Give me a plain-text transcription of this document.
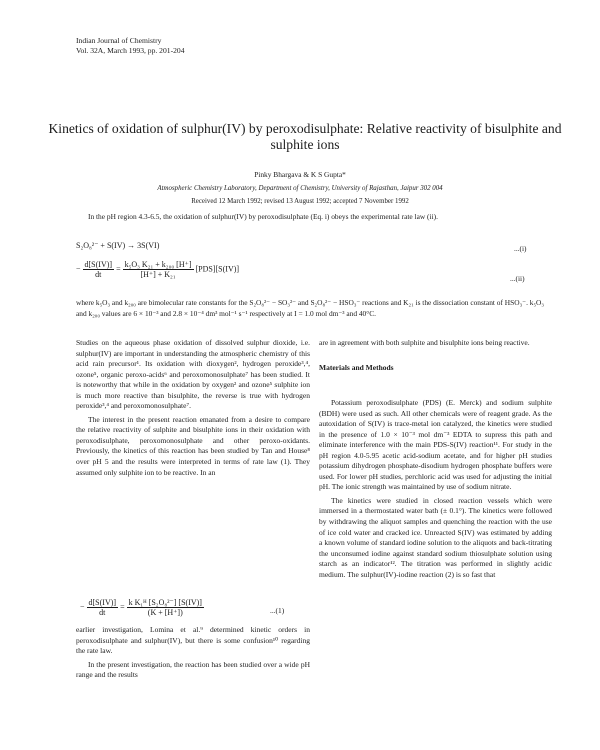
Indian Journal of Chemistry
Vol. 32A, March 1993, pp. 201-204
Kinetics of oxidation of sulphur(IV) by peroxodisulphate: Relative reactivity of bisulphite and sulphite ions
Pinky Bhargava & K S Gupta*
Atmospheric Chemistry Laboratory, Department of Chemistry, University of Rajasthan, Jaipur 302 004
Received 12 March 1992; revised 13 August 1992; accepted 7 November 1992

In the pH region 4.3-6.5, the oxidation of sulphur(IV) by peroxodisulphate (Eq. i) obeys the experimental rate law (ii).

S₂O₈²⁻ + S(IV) → 3S(VI)	...(i)
− $\frac{d[S(IV)]}{dt} = \frac{\text{k₅O₃ K₂₁ + k₂₀₀ [H⁺]}}{\text{[H⁺] + K₂₁}} [PDS][S(IV)]$
...(ii)

where k₅O₃ and k₂₀₀ are bimolecular rate constants for the S₂O₈²⁻ − SO₃²⁻ and S₂O₈²⁻ − HSO₃⁻ reactions and K₂₁ is the dissociation constant of HSO₃⁻. k₅O₃ and k₂₀₀ values are 6 × 10⁻³ and 2.8 × 10⁻⁴ dm³ mol⁻¹ s⁻¹ respectively at I = 1.0 mol dm⁻³ and 40°C.

Studies on the aqueous phase oxidation of dissolved sulphur dioxide, i.e. sulphur(IV) are important in understanding the atmospheric chemistry of this acid rain precursor¹. Its oxidation with dioxygen², hydrogen peroxide³,⁴, ozone⁵, organic peroxo-acids⁶ and peroxomonosulphate⁷ has been studied. It is noteworthy that while in the oxidation by oxygen² and ozone⁵ sulphite ion is much more reactive than bisulphite, the reverse is true with hydrogen peroxide³,⁴ and peroxomonosulphate⁷.

The interest in the present reaction emanated from a desire to compare the relative reactivity of sulphite and bisulphite ions in their oxidation with peroxodisulphate, peroxomonosulphate and other peroxo-oxidants. Previously, the kinetics of this reaction has been studied by Tan and House⁸ over pH 5 and the results were interpreted in terms of rate law (1). They assumed only sulphite ion to be reactive. In an

− $\frac{d[S(IV)]}{dt} = \frac{\text{k K₁ᴴ [S₂O₈²⁻] [S(IV)]}}{(K + [H^+])}$	...(1)

earlier investigation, Lomina et al.⁹ determined kinetic orders in peroxodisulphate and sulphur(IV), but there is some confusion¹⁰ regarding the rate law.

In the present investigation, the reaction has been studied over a wide pH range and the results

are in agreement with both sulphite and bisulphite ions being reactive.

Materials and Methods

Potassium peroxodisulphate (PDS) (E. Merck) and sodium sulphite (BDH) were used as such. All other chemicals were of reagent grade. As the autoxidation of S(IV) is trace-metal ion catalyzed, the kinetics were studied in the presence of 1.0 × 10⁻³ mol dm⁻³ EDTA to supress this path and eliminate interference with the main PDS-S(IV) reaction¹¹. For study in the pH region 4.0-5.95 acetic acid-sodium acetate, and for higher pH studies potassium dihydrogen phosphate-disodium hydrogen phosphate buffers were used. For lower pH studies, perchloric acid was used for adjusting the initial pH. The ionic strength was maintained by use of sodium nitrate.

The kinetics were studied in closed reaction vessels which were immersed in a thermostated water bath (± 0.1°). The kinetics were followed by withdrawing the aliquot samples and quenching the reaction with the use of ice cold water and cracked ice. Unreacted S(IV) was estimated by adding a known volume of standard iodine solution to the aliquots and back-titrating the unconsumed iodine against standard sodium thiosulphate solution using starch as an indicator¹². The titration was performed in slightly acidic medium. The sulphur(IV)-iodine reaction (2) is so fast that
